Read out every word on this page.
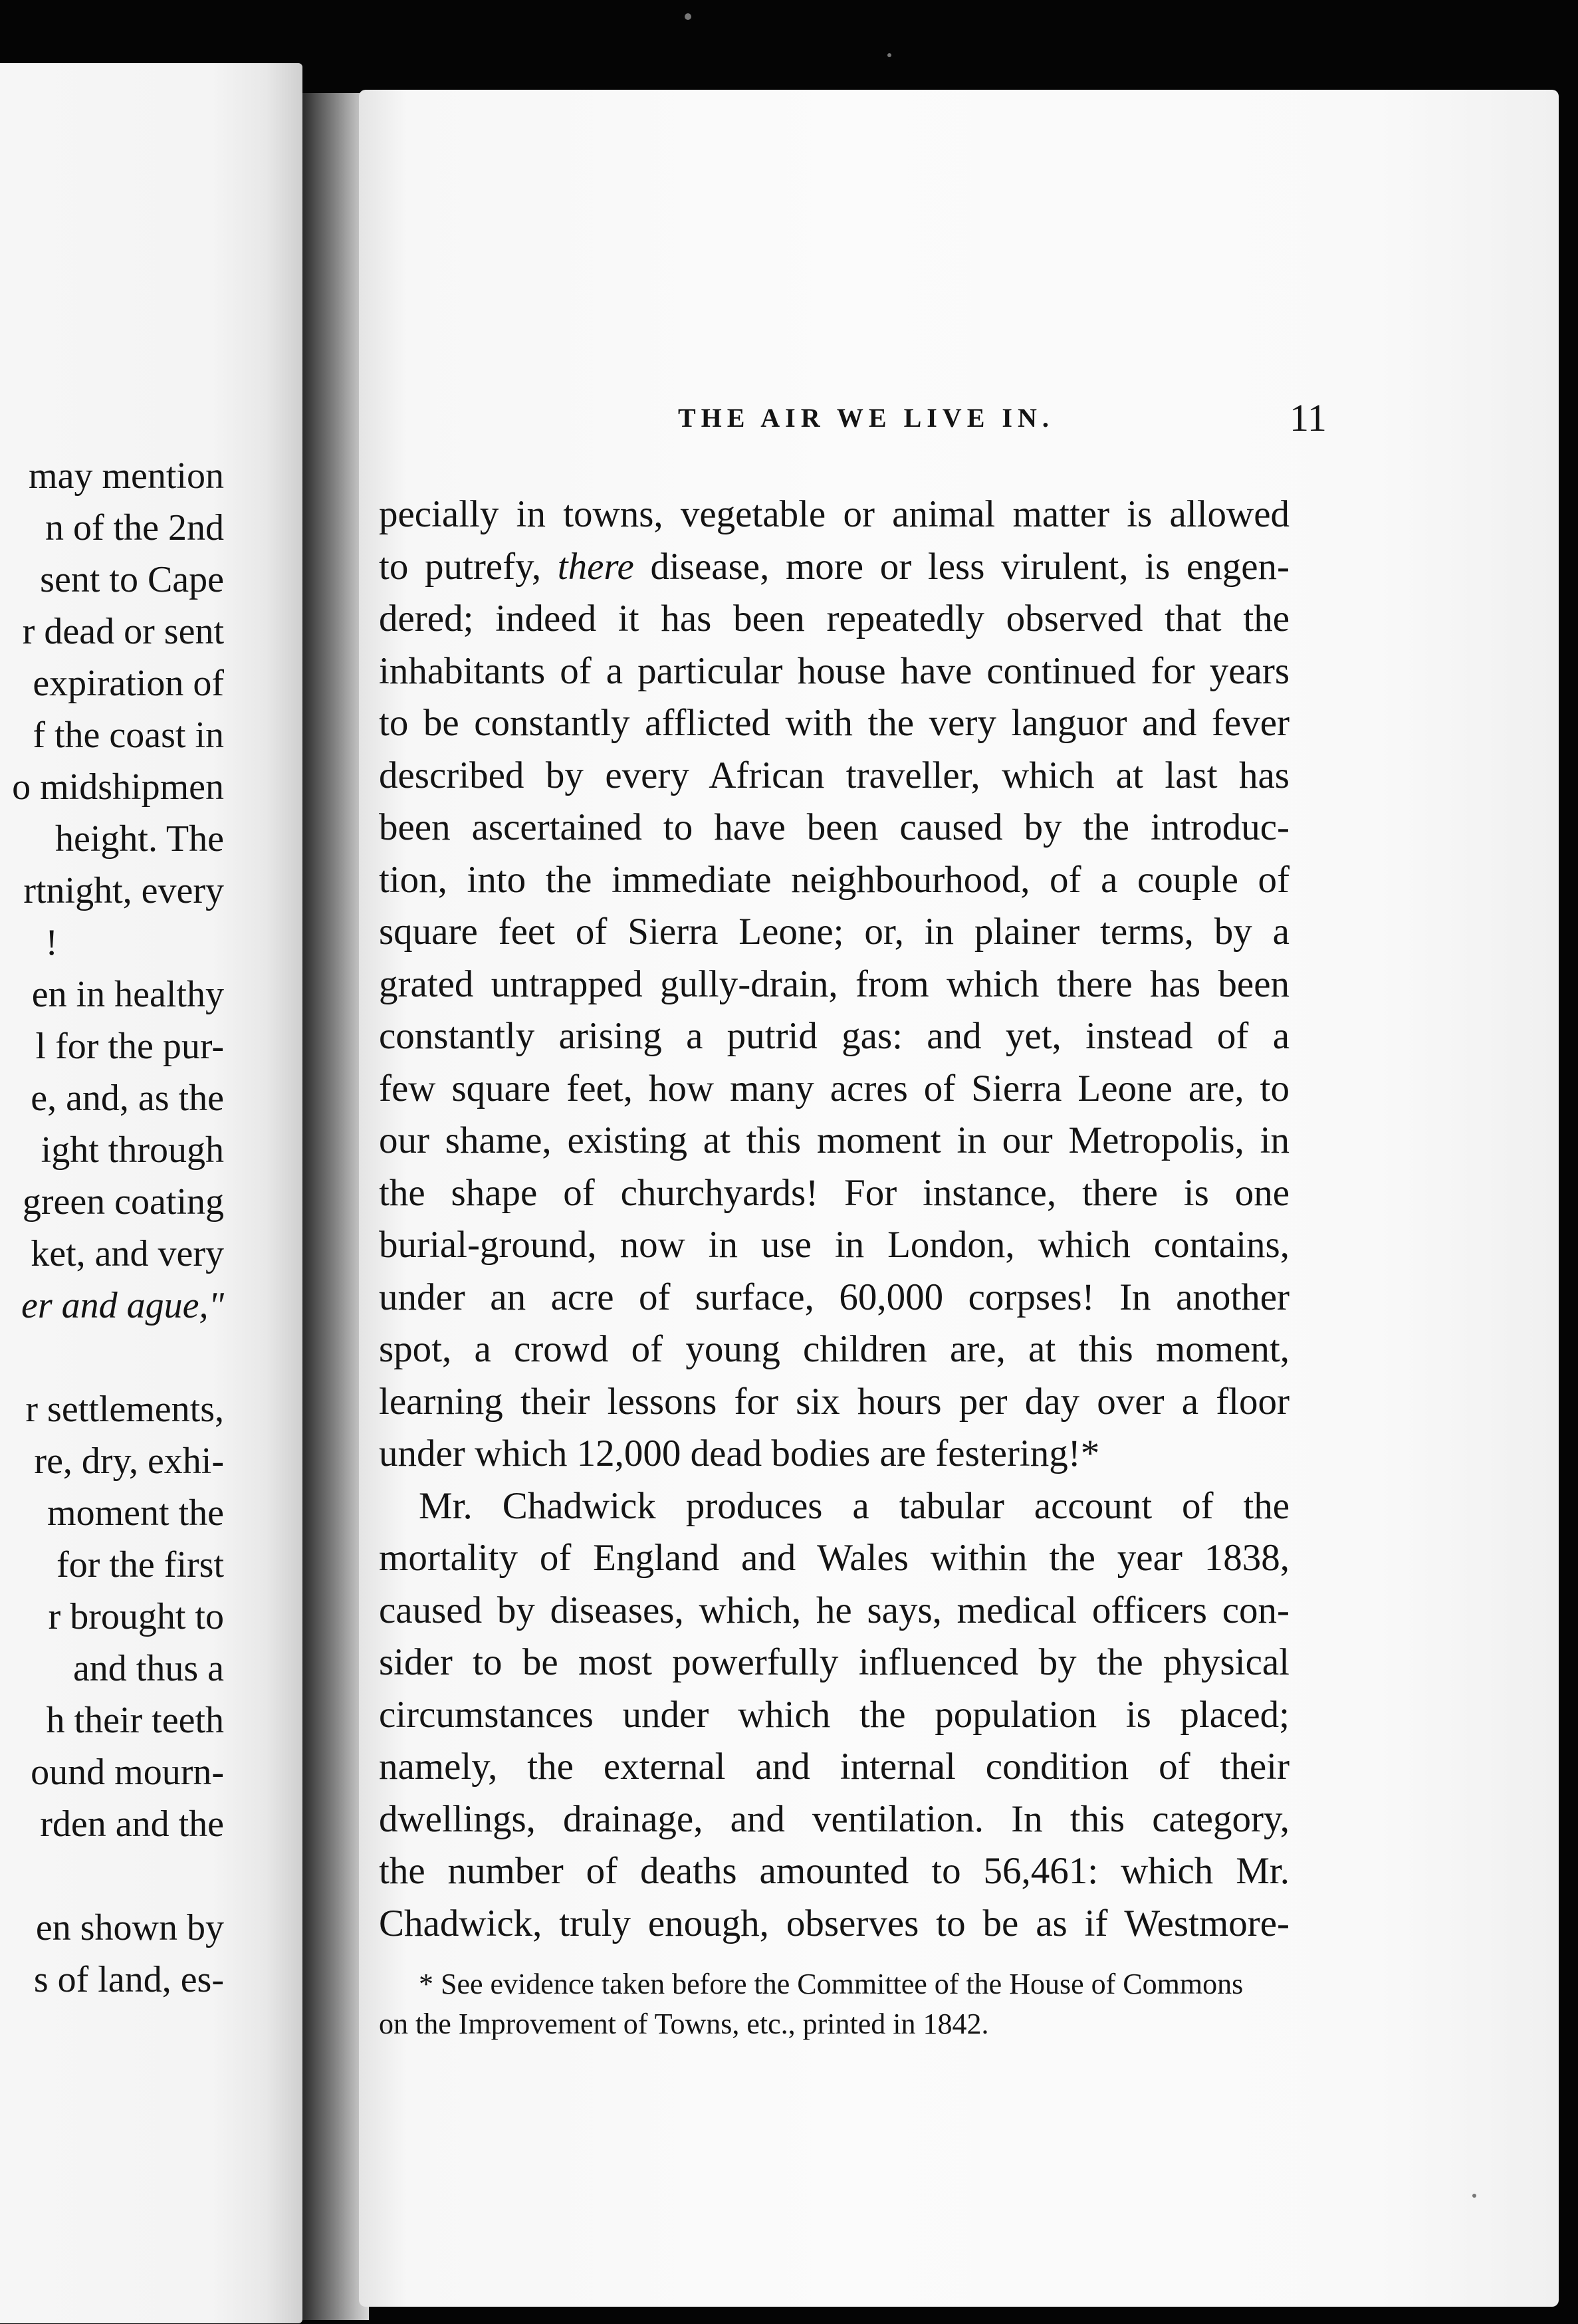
may mention
n of the 2nd
sent to Cape
r dead or sent
expiration of
f the coast in
o midshipmen
height. The
rtnight, every
!
en in healthy
l for the pur-
e, and, as the
ight through
green coating
ket, and very
er and ague,"
r settlements,
re, dry, exhi-
moment the
for the first
r brought to
and thus a
h their teeth
ound mourn-
rden and the
en shown by
s of land, es-
THE AIR WE LIVE IN.	11
pecially in towns, vegetable or animal matter is allowed
to putrefy, there disease, more or less virulent, is engen-
dered; indeed it has been repeatedly observed that the
inhabitants of a particular house have continued for years
to be constantly afflicted with the very languor and fever
described by every African traveller, which at last has
been ascertained to have been caused by the introduc-
tion, into the immediate neighbourhood, of a couple of
square feet of Sierra Leone; or, in plainer terms, by a
grated untrapped gully-drain, from which there has been
constantly arising a putrid gas: and yet, instead of a
few square feet, how many acres of Sierra Leone are, to
our shame, existing at this moment in our Metropolis, in
the shape of churchyards! For instance, there is one
burial-ground, now in use in London, which contains,
under an acre of surface, 60,000 corpses! In another
spot, a crowd of young children are, at this moment,
learning their lessons for six hours per day over a floor
under which 12,000 dead bodies are festering!*
Mr. Chadwick produces a tabular account of the
mortality of England and Wales within the year 1838,
caused by diseases, which, he says, medical officers con-
sider to be most powerfully influenced by the physical
circumstances under which the population is placed;
namely, the external and internal condition of their
dwellings, drainage, and ventilation. In this category,
the number of deaths amounted to 56,461: which Mr.
Chadwick, truly enough, observes to be as if Westmore-
* See evidence taken before the Committee of the House of Commons
on the Improvement of Towns, etc., printed in 1842.
